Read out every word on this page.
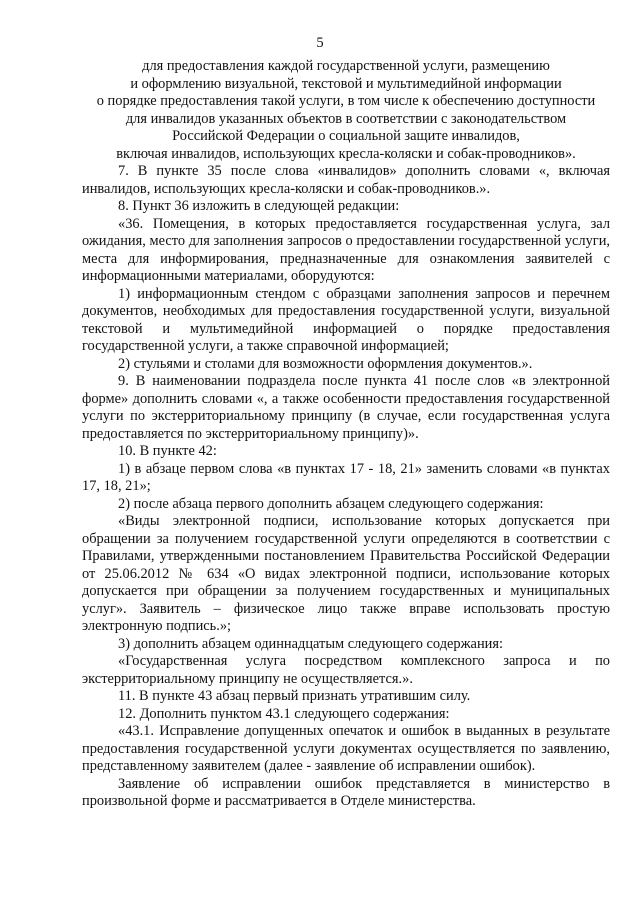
5
для предоставления каждой государственной услуги, размещению
и оформлению визуальной, текстовой и мультимедийной информации
о порядке предоставления такой услуги, в том числе к обеспечению доступности
для инвалидов указанных объектов в соответствии с законодательством
Российской Федерации о социальной защите инвалидов,
включая инвалидов, использующих кресла-коляски и собак-проводников».

7. В пункте 35 после слова «инвалидов» дополнить словами «, включая инвалидов, использующих кресла-коляски и собак-проводников.».

8. Пункт 36 изложить в следующей редакции:

«36. Помещения, в которых предоставляется государственная услуга, зал ожидания, место для заполнения запросов о предоставлении государственной услуги, места для информирования, предназначенные для ознакомления заявителей с информационными материалами, оборудуются:

1) информационным стендом с образцами заполнения запросов и перечнем документов, необходимых для предоставления государственной услуги, визуальной текстовой и мультимедийной информацией о порядке предоставления государственной услуги, а также справочной информацией;

2) стульями и столами для возможности оформления документов.».

9. В наименовании подраздела после пункта 41 после слов «в электронной форме» дополнить словами «, а также особенности предоставления государственной услуги по экстерриториальному принципу (в случае, если государственная услуга предоставляется по экстерриториальному принципу)».

10. В пункте 42:

1) в абзаце первом слова «в пунктах 17 - 18, 21» заменить словами «в пунктах 17, 18, 21»;

2) после абзаца первого дополнить абзацем следующего содержания:

«Виды электронной подписи, использование которых допускается при обращении за получением государственной услуги определяются в соответствии с Правилами, утвержденными постановлением Правительства Российской Федерации от 25.06.2012 № 634 «О видах электронной подписи, использование которых допускается при обращении за получением государственных и муниципальных услуг». Заявитель – физическое лицо также вправе использовать простую электронную подпись.»;

3) дополнить абзацем одиннадцатым следующего содержания:

«Государственная услуга посредством комплексного запроса и по экстерриториальному принципу не осуществляется.».

11. В пункте 43 абзац первый признать утратившим силу.

12. Дополнить пунктом 43.1 следующего содержания:

«43.1. Исправление допущенных опечаток и ошибок в выданных в результате предоставления государственной услуги документах осуществляется по заявлению, представленному заявителем (далее - заявление об исправлении ошибок).

Заявление об исправлении ошибок представляется в министерство в произвольной форме и рассматривается в Отделе министерства.
